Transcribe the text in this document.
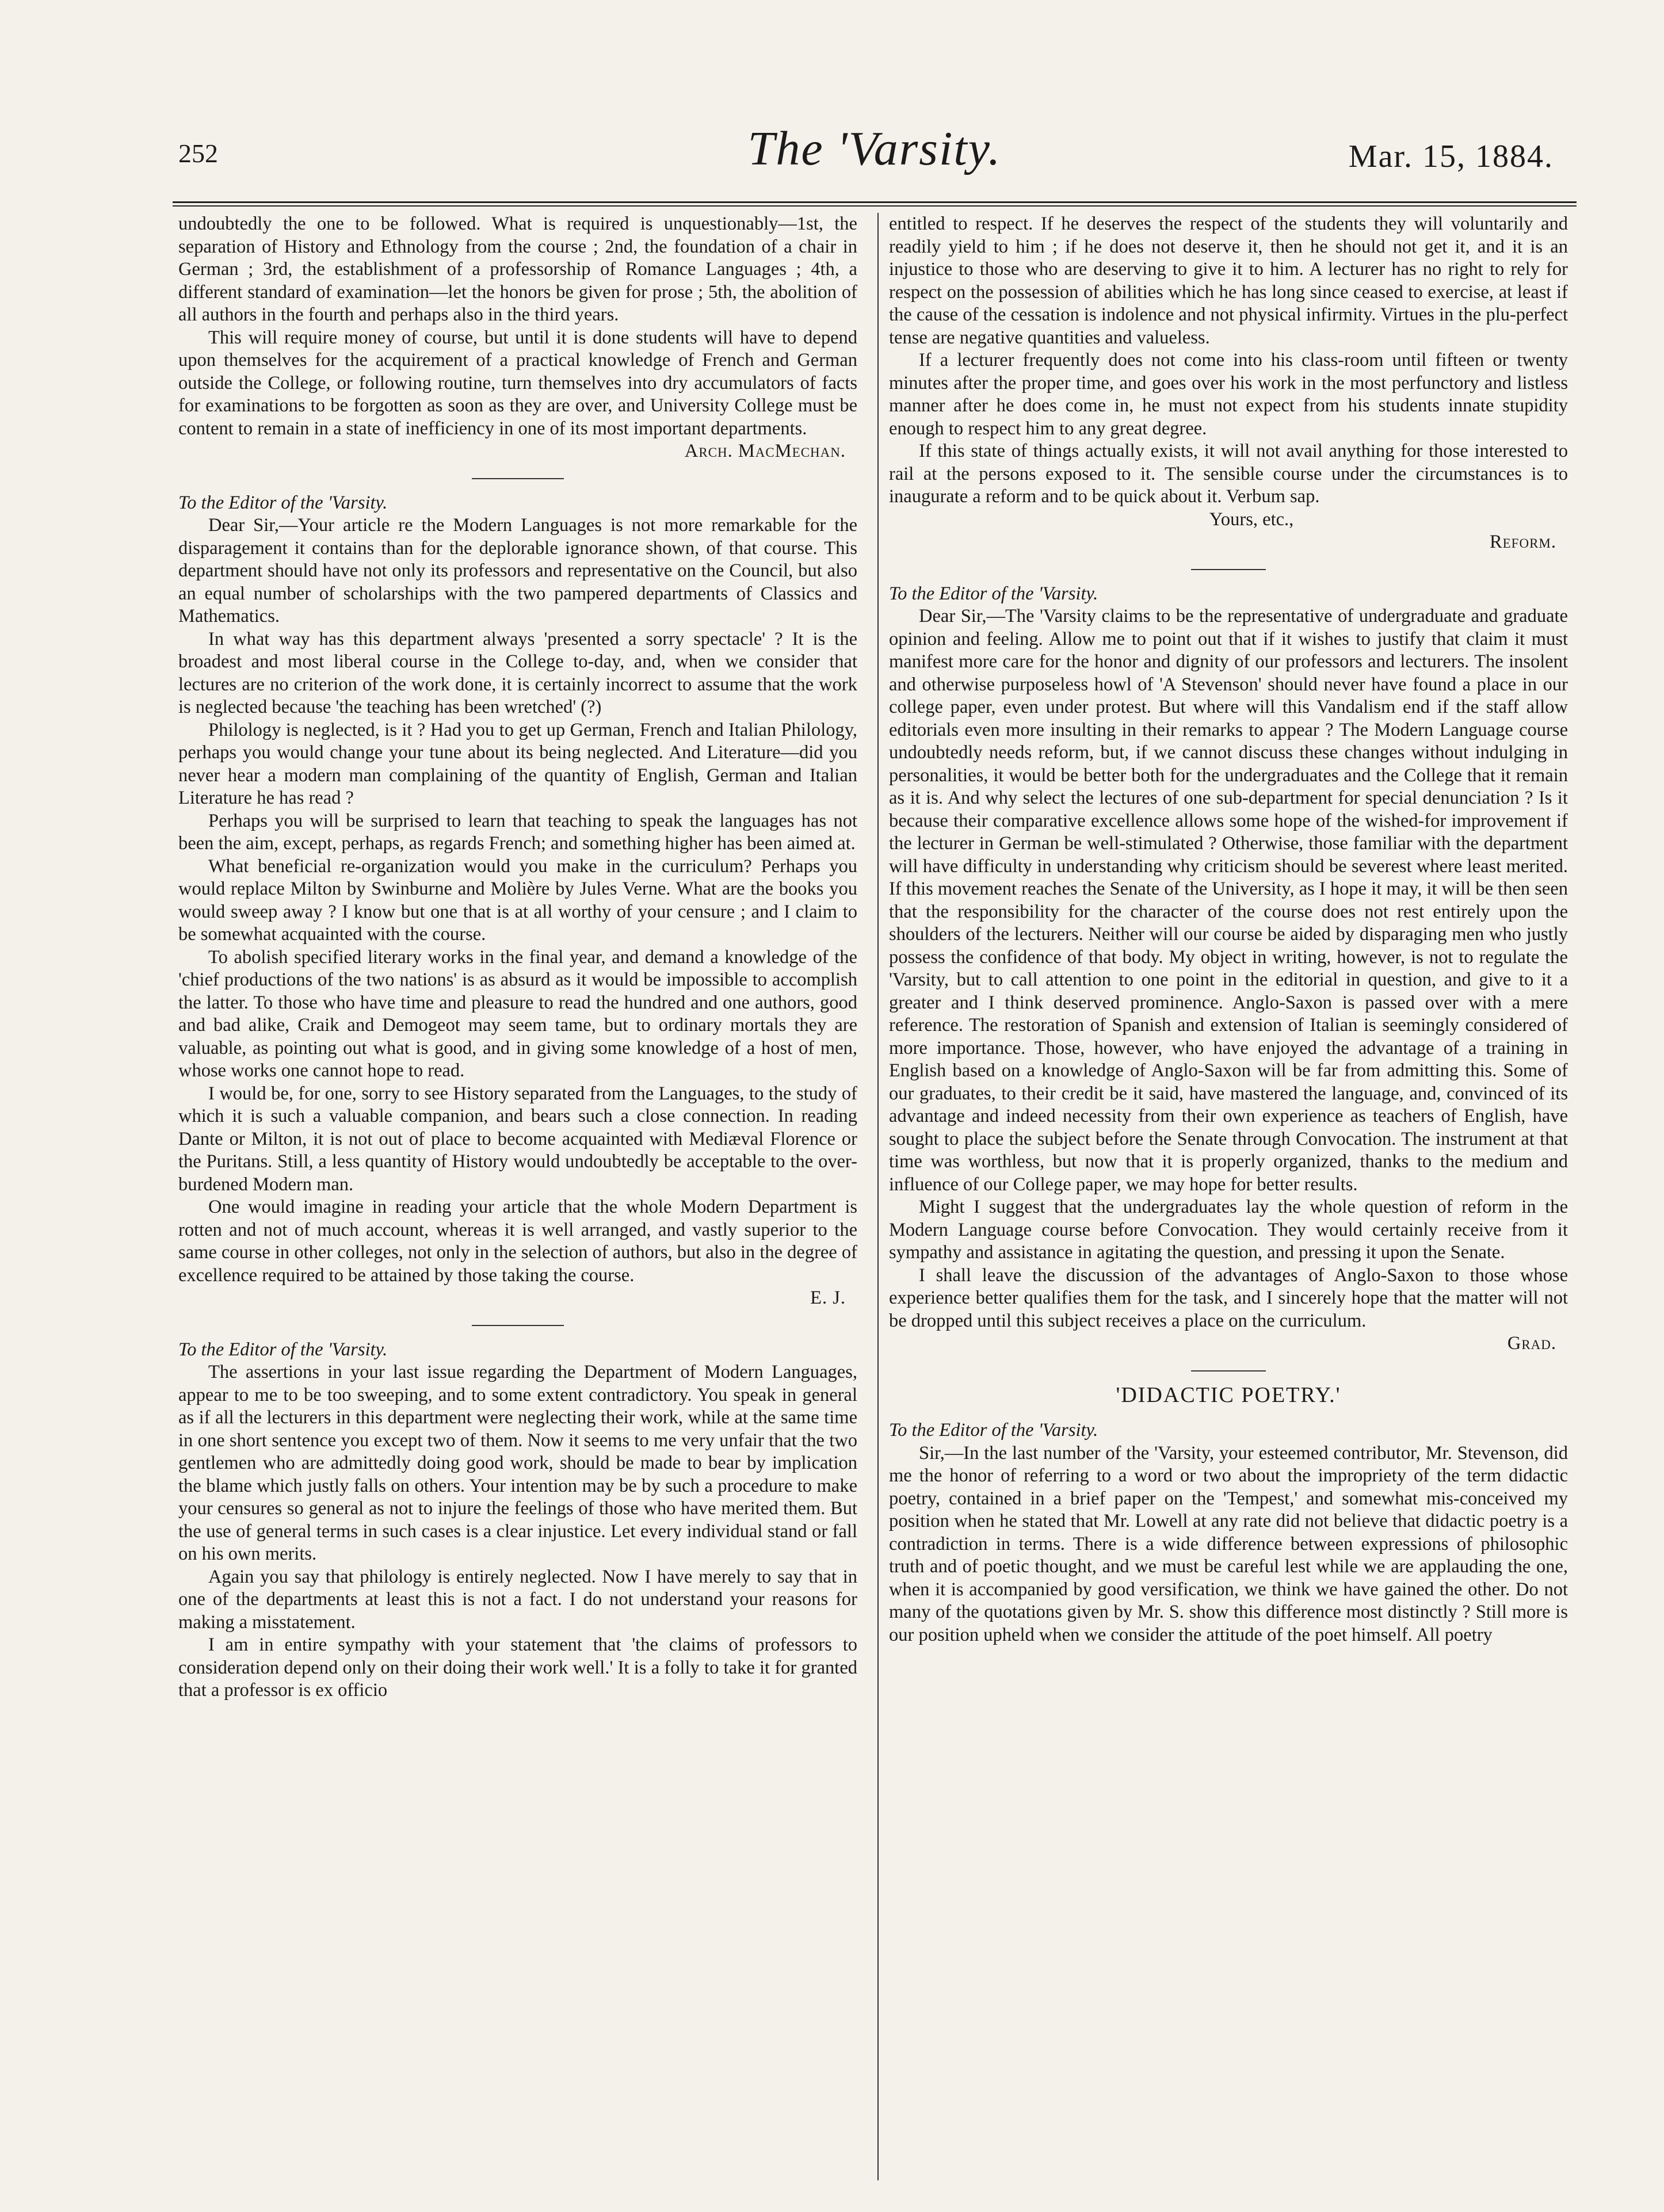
252	The 'Varsity.	Mar. 15, 1884.

undoubtedly the one to be followed. What is required is unquestionably—1st, the separation of History and Ethnology from the course ; 2nd, the foundation of a chair in German ; 3rd, the establishment of a professorship of Romance Languages ; 4th, a different standard of examination—let the honors be given for prose ; 5th, the abolition of all authors in the fourth and perhaps also in the third years.

This will require money of course, but until it is done students will have to depend upon themselves for the acquirement of a practical knowledge of French and German outside the College, or following routine, turn themselves into dry accumulators of facts for examinations to be forgotten as soon as they are over, and University College must be content to remain in a state of inefficiency in one of its most important departments.

Arch. MacMechan.

To the Editor of the 'Varsity.

Dear Sir,—Your article re the Modern Languages is not more remarkable for the disparagement it contains than for the deplorable ignorance shown, of that course. This department should have not only its professors and representative on the Council, but also an equal number of scholarships with the two pampered departments of Classics and Mathematics.

In what way has this department always 'presented a sorry spectacle' ? It is the broadest and most liberal course in the College to-day, and, when we consider that lectures are no criterion of the work done, it is certainly incorrect to assume that the work is neglected because 'the teaching has been wretched' (?)

Philology is neglected, is it ? Had you to get up German, French and Italian Philology, perhaps you would change your tune about its being neglected. And Literature—did you never hear a modern man complaining of the quantity of English, German and Italian Literature he has read ?

Perhaps you will be surprised to learn that teaching to speak the languages has not been the aim, except, perhaps, as regards French; and something higher has been aimed at.

What beneficial re-organization would you make in the curriculum? Perhaps you would replace Milton by Swinburne and Molière by Jules Verne. What are the books you would sweep away ? I know but one that is at all worthy of your censure ; and I claim to be somewhat acquainted with the course.

To abolish specified literary works in the final year, and demand a knowledge of the 'chief productions of the two nations' is as absurd as it would be impossible to accomplish the latter. To those who have time and pleasure to read the hundred and one authors, good and bad alike, Craik and Demogeot may seem tame, but to ordinary mortals they are valuable, as pointing out what is good, and in giving some knowledge of a host of men, whose works one cannot hope to read.

I would be, for one, sorry to see History separated from the Languages, to the study of which it is such a valuable companion, and bears such a close connection. In reading Dante or Milton, it is not out of place to become acquainted with Mediæval Florence or the Puritans. Still, a less quantity of History would undoubtedly be acceptable to the over-burdened Modern man.

One would imagine in reading your article that the whole Modern Department is rotten and not of much account, whereas it is well arranged, and vastly superior to the same course in other colleges, not only in the selection of authors, but also in the degree of excellence required to be attained by those taking the course.

E. J.

To the Editor of the 'Varsity.

The assertions in your last issue regarding the Department of Modern Languages, appear to me to be too sweeping, and to some extent contradictory. You speak in general as if all the lecturers in this department were neglecting their work, while at the same time in one short sentence you except two of them. Now it seems to me very unfair that the two gentlemen who are admittedly doing good work, should be made to bear by implication the blame which justly falls on others. Your intention may be by such a procedure to make your censures so general as not to injure the feelings of those who have merited them. But the use of general terms in such cases is a clear injustice. Let every individual stand or fall on his own merits.

Again you say that philology is entirely neglected. Now I have merely to say that in one of the departments at least this is not a fact. I do not understand your reasons for making a misstatement.

I am in entire sympathy with your statement that 'the claims of professors to consideration depend only on their doing their work well.' It is a folly to take it for granted that a professor is ex officio

entitled to respect. If he deserves the respect of the students they will voluntarily and readily yield to him ; if he does not deserve it, then he should not get it, and it is an injustice to those who are deserving to give it to him. A lecturer has no right to rely for respect on the possession of abilities which he has long since ceased to exercise, at least if the cause of the cessation is indolence and not physical infirmity. Virtues in the plu-perfect tense are negative quantities and valueless.

If a lecturer frequently does not come into his class-room until fifteen or twenty minutes after the proper time, and goes over his work in the most perfunctory and listless manner after he does come in, he must not expect from his students innate stupidity enough to respect him to any great degree.

If this state of things actually exists, it will not avail anything for those interested to rail at the persons exposed to it. The sensible course under the circumstances is to inaugurate a reform and to be quick about it. Verbum sap.

Yours, etc.,

Reform.

To the Editor of the 'Varsity.

Dear Sir,—The 'Varsity claims to be the representative of undergraduate and graduate opinion and feeling. Allow me to point out that if it wishes to justify that claim it must manifest more care for the honor and dignity of our professors and lecturers. The insolent and otherwise purposeless howl of 'A Stevenson' should never have found a place in our college paper, even under protest. But where will this Vandalism end if the staff allow editorials even more insulting in their remarks to appear ? The Modern Language course undoubtedly needs reform, but, if we cannot discuss these changes without indulging in personalities, it would be better both for the undergraduates and the College that it remain as it is. And why select the lectures of one sub-department for special denunciation ? Is it because their comparative excellence allows some hope of the wished-for improvement if the lecturer in German be well-stimulated ? Otherwise, those familiar with the department will have difficulty in understanding why criticism should be severest where least merited. If this movement reaches the Senate of the University, as I hope it may, it will be then seen that the responsibility for the character of the course does not rest entirely upon the shoulders of the lecturers. Neither will our course be aided by disparaging men who justly possess the confidence of that body. My object in writing, however, is not to regulate the 'Varsity, but to call attention to one point in the editorial in question, and give to it a greater and I think deserved prominence. Anglo-Saxon is passed over with a mere reference. The restoration of Spanish and extension of Italian is seemingly considered of more importance. Those, however, who have enjoyed the advantage of a training in English based on a knowledge of Anglo-Saxon will be far from admitting this. Some of our graduates, to their credit be it said, have mastered the language, and, convinced of its advantage and indeed necessity from their own experience as teachers of English, have sought to place the subject before the Senate through Convocation. The instrument at that time was worthless, but now that it is properly organized, thanks to the medium and influence of our College paper, we may hope for better results.

Might I suggest that the undergraduates lay the whole question of reform in the Modern Language course before Convocation. They would certainly receive from it sympathy and assistance in agitating the question, and pressing it upon the Senate.

I shall leave the discussion of the advantages of Anglo-Saxon to those whose experience better qualifies them for the task, and I sincerely hope that the matter will not be dropped until this subject receives a place on the curriculum.

Grad.

'DIDACTIC POETRY.'

To the Editor of the 'Varsity.

Sir,—In the last number of the 'Varsity, your esteemed contributor, Mr. Stevenson, did me the honor of referring to a word or two about the impropriety of the term didactic poetry, contained in a brief paper on the 'Tempest,' and somewhat mis-conceived my position when he stated that Mr. Lowell at any rate did not believe that didactic poetry is a contradiction in terms. There is a wide difference between expressions of philosophic truth and of poetic thought, and we must be careful lest while we are applauding the one, when it is accompanied by good versification, we think we have gained the other. Do not many of the quotations given by Mr. S. show this difference most distinctly ? Still more is our position upheld when we consider the attitude of the poet himself. All poetry
